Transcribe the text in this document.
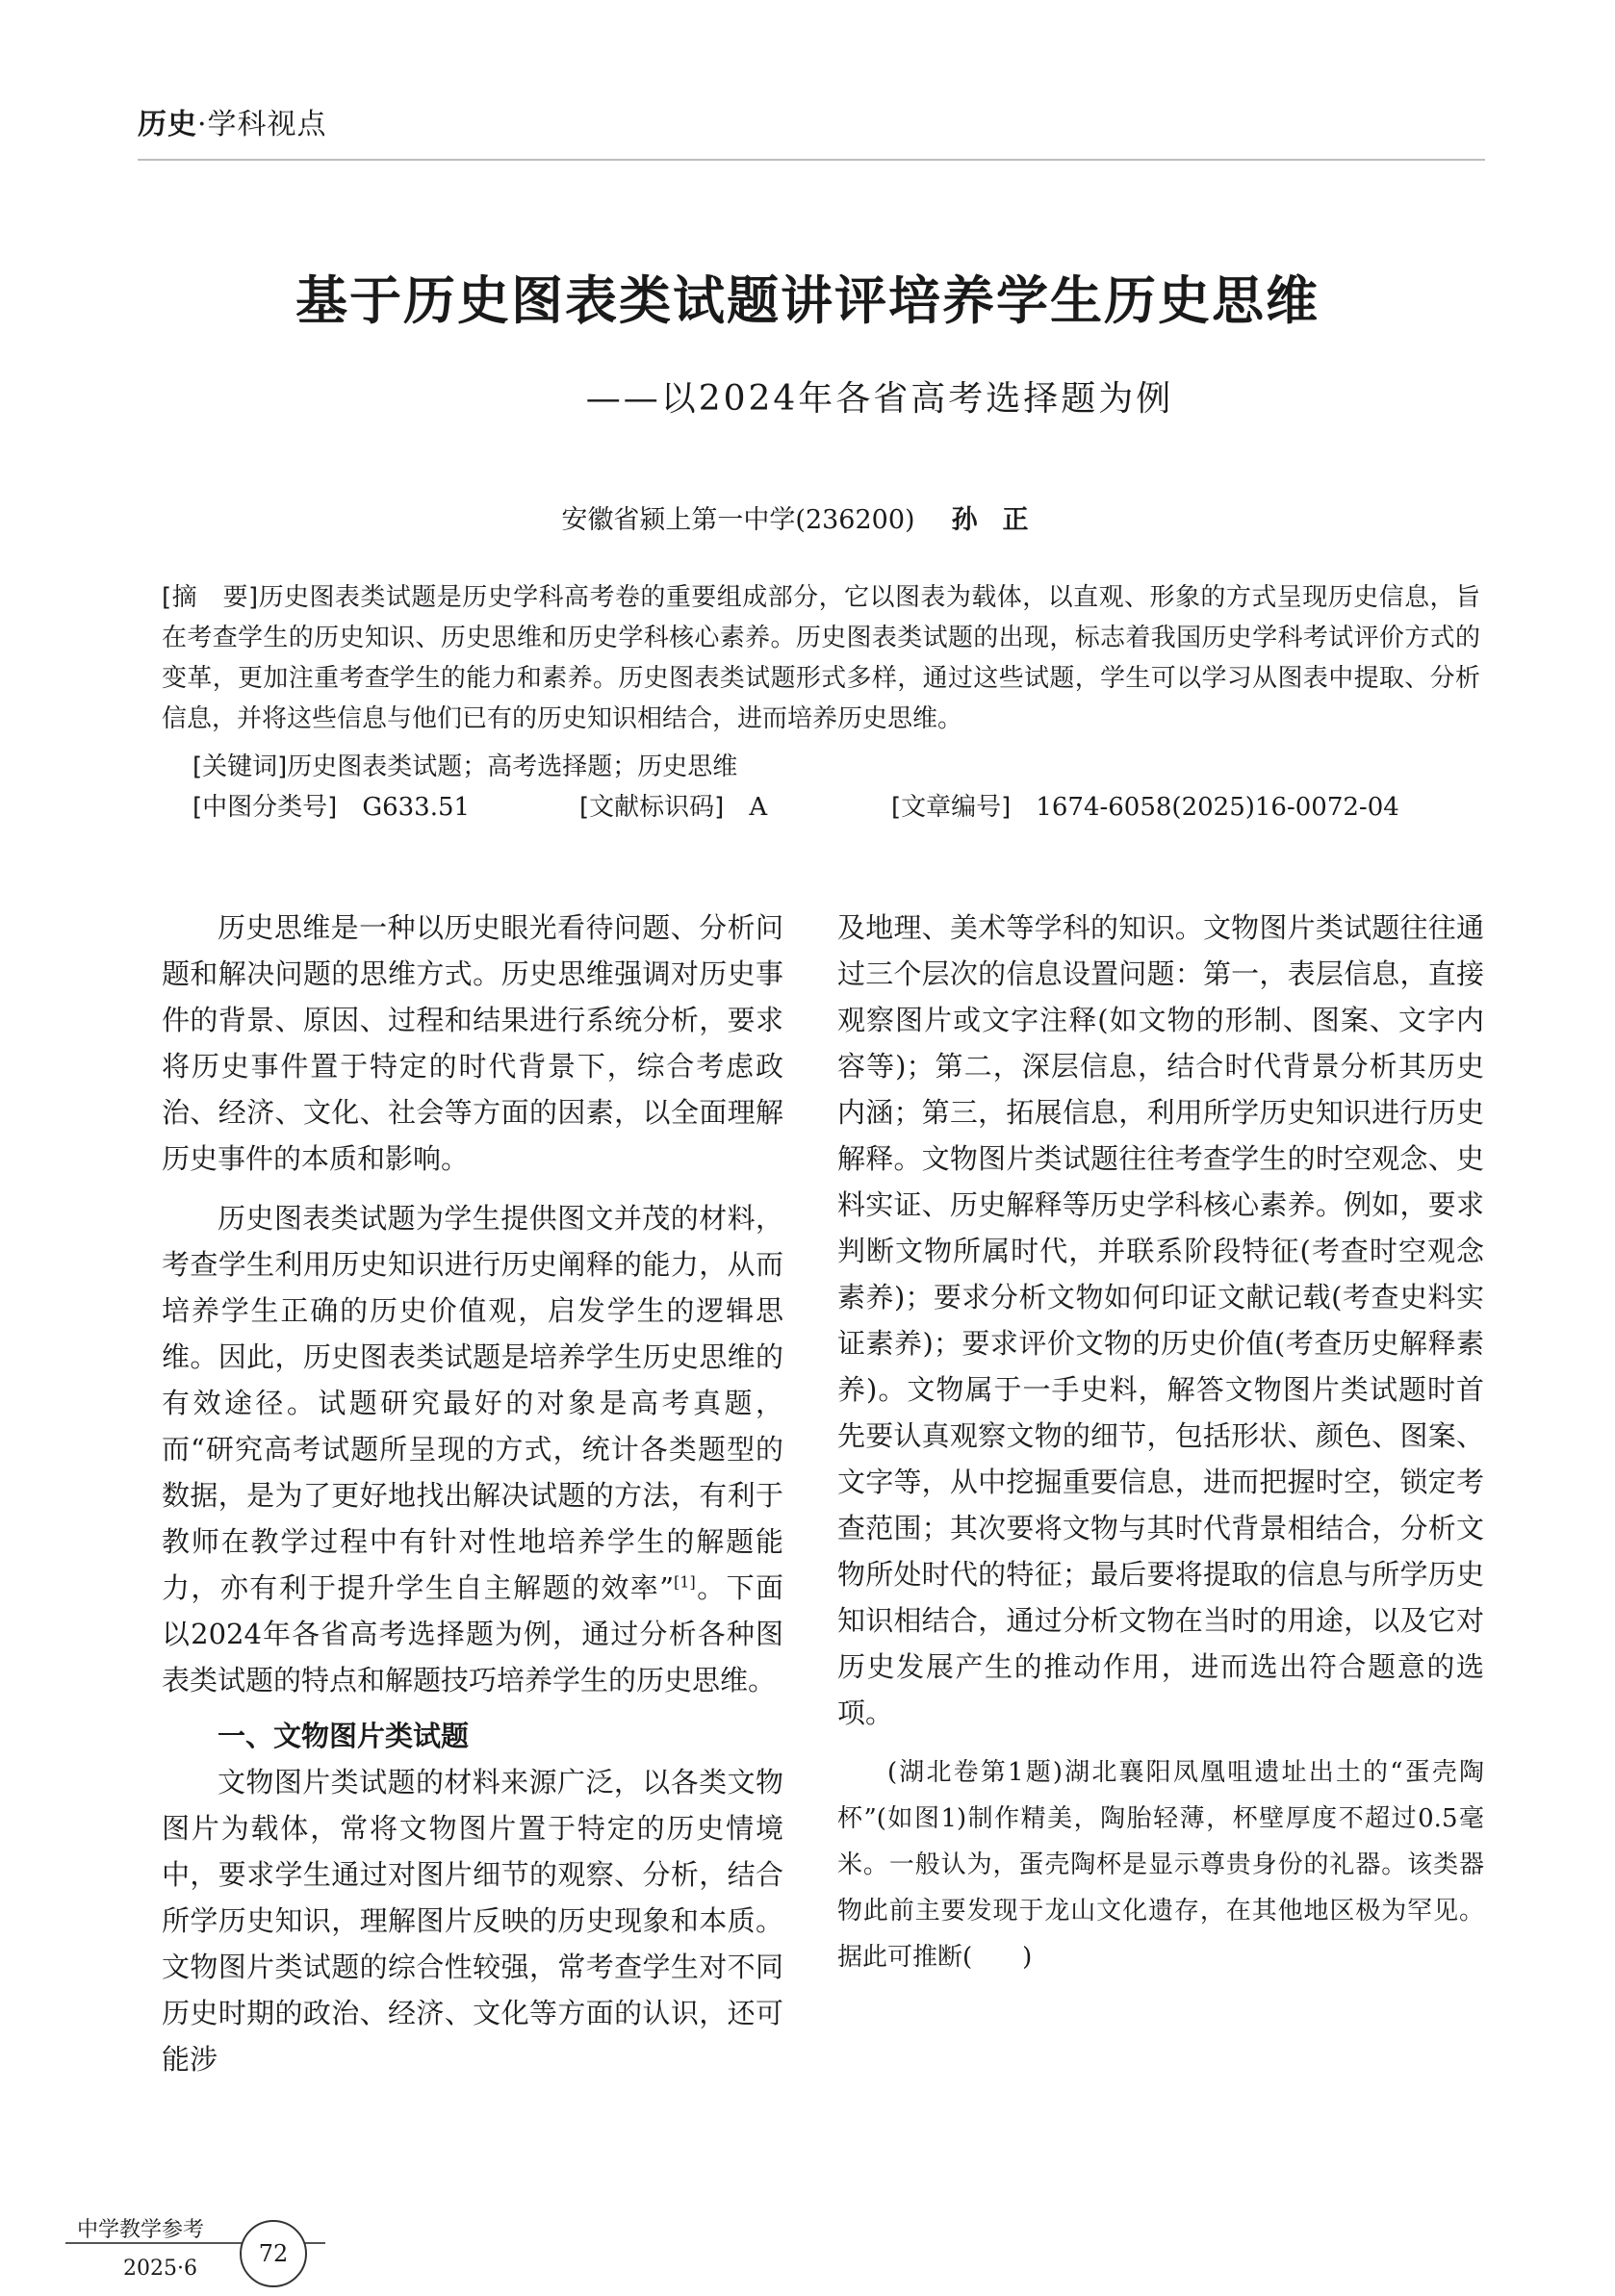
历史·学科视点
基于历史图表类试题讲评培养学生历史思维
——以2024年各省高考选择题为例
安徽省颍上第一中学(236200) 孙正
[摘　要]历史图表类试题是历史学科高考卷的重要组成部分，它以图表为载体，以直观、形象的方式呈现历史信息，旨在考查学生的历史知识、历史思维和历史学科核心素养。历史图表类试题的出现，标志着我国历史学科考试评价方式的变革，更加注重考查学生的能力和素养。历史图表类试题形式多样，通过这些试题，学生可以学习从图表中提取、分析信息，并将这些信息与他们已有的历史知识相结合，进而培养历史思维。
[关键词]历史图表类试题；高考选择题；历史思维
[中图分类号]　 G633.51	[文献标识码]　 A	[文章编号]　 1674-6058(2025)16-0072-04

历史思维是一种以历史眼光看待问题、分析问题和解决问题的思维方式。历史思维强调对历史事件的背景、原因、过程和结果进行系统分析，要求将历史事件置于特定的时代背景下，综合考虑政治、经济、文化、社会等方面的因素，以全面理解历史事件的本质和影响。

历史图表类试题为学生提供图文并茂的材料，考查学生利用历史知识进行历史阐释的能力，从而培养学生正确的历史价值观，启发学生的逻辑思维。因此，历史图表类试题是培养学生历史思维的有效途径。试题研究最好的对象是高考真题，而“研究高考试题所呈现的方式，统计各类题型的数据，是为了更好地找出解决试题的方法，有利于教师在教学过程中有针对性地培养学生的解题能力，亦有利于提升学生自主解题的效率”[1]。下面以2024年各省高考选择题为例，通过分析各种图表类试题的特点和解题技巧培养学生的历史思维。

一、文物图片类试题

文物图片类试题的材料来源广泛，以各类文物图片为载体，常将文物图片置于特定的历史情境中，要求学生通过对图片细节的观察、分析，结合所学历史知识，理解图片反映的历史现象和本质。文物图片类试题的综合性较强，常考查学生对不同历史时期的政治、经济、文化等方面的认识，还可能涉

及地理、美术等学科的知识。文物图片类试题往往通过三个层次的信息设置问题：第一，表层信息，直接观察图片或文字注释(如文物的形制、图案、文字内容等)；第二，深层信息，结合时代背景分析其历史内涵；第三，拓展信息，利用所学历史知识进行历史解释。文物图片类试题往往考查学生的时空观念、史料实证、历史解释等历史学科核心素养。例如，要求判断文物所属时代，并联系阶段特征(考查时空观念素养)；要求分析文物如何印证文献记载(考查史料实证素养)；要求评价文物的历史价值(考查历史解释素养)。文物属于一手史料，解答文物图片类试题时首先要认真观察文物的细节，包括形状、颜色、图案、文字等，从中挖掘重要信息，进而把握时空，锁定考查范围；其次要将文物与其时代背景相结合，分析文物所处时代的特征；最后要将提取的信息与所学历史知识相结合，通过分析文物在当时的用途，以及它对历史发展产生的推动作用，进而选出符合题意的选项。

(湖北卷第1题)湖北襄阳凤凰咀遗址出土的“蛋壳陶杯”(如图1)制作精美，陶胎轻薄，杯壁厚度不超过0.5毫米。一般认为，蛋壳陶杯是显示尊贵身份的礼器。该类器物此前主要发现于龙山文化遗存，在其他地区极为罕见。据此可推断(　　)

中学教学参考
2025·6
72
